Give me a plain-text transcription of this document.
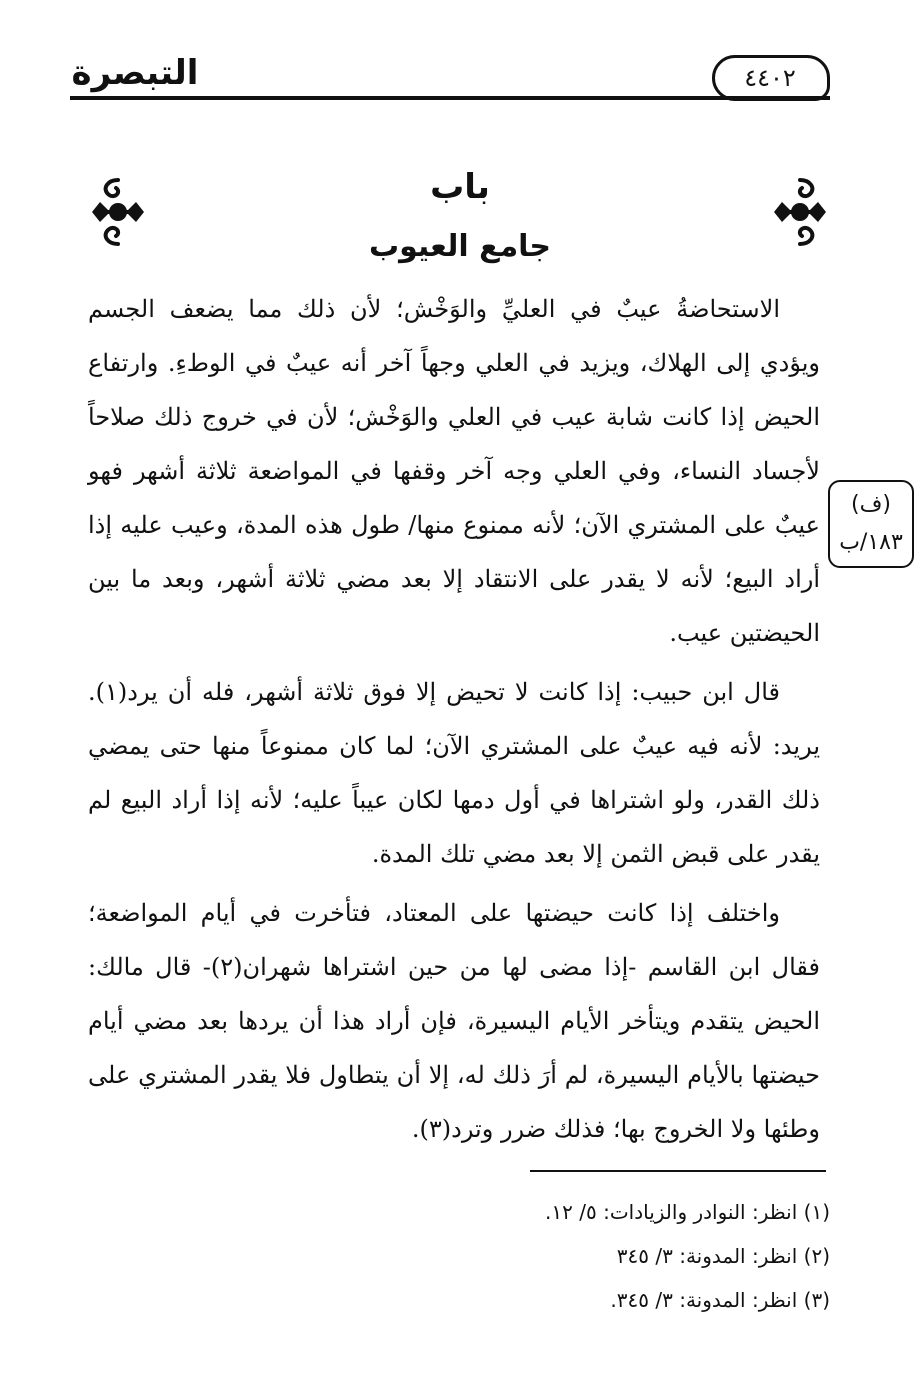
التبصرة	٤٤٠٢
باب
جامع العيوب
الاستحاضةُ عيبٌ في العليِّ والوَخْش؛ لأن ذلك مما يضعف الجسم ويؤدي إلى الهلاك، ويزيد في العلي وجهاً آخر أنه عيبٌ في الوطءِ. وارتفاع الحيض إذا كانت شابة عيب في العلي والوَخْش؛ لأن في خروج ذلك صلاحاً لأجساد النساء، وفي العلي وجه آخر وقفها في المواضعة ثلاثة أشهر فهو عيبٌ على المشتري الآن؛ لأنه ممنوع منها/ طول هذه المدة، وعيب عليه إذا أراد البيع؛ لأنه لا يقدر على الانتقاد إلا بعد مضي ثلاثة أشهر، وبعد ما بين الحيضتين عيب.
قال ابن حبيب: إذا كانت لا تحيض إلا فوق ثلاثة أشهر، فله أن يرد(١). يريد: لأنه فيه عيبٌ على المشتري الآن؛ لما كان ممنوعاً منها حتى يمضي ذلك القدر، ولو اشتراها في أول دمها لكان عيباً عليه؛ لأنه إذا أراد البيع لم يقدر على قبض الثمن إلا بعد مضي تلك المدة.
واختلف إذا كانت حيضتها على المعتاد، فتأخرت في أيام المواضعة؛ فقال ابن القاسم -إذا مضى لها من حين اشتراها شهران(٢)- قال مالك: الحيض يتقدم ويتأخر الأيام اليسيرة، فإن أراد هذا أن يردها بعد مضي أيام حيضتها بالأيام اليسيرة، لم أرَ ذلك له، إلا أن يتطاول فلا يقدر المشتري على وطئها ولا الخروج بها؛ فذلك ضرر وترد(٣).
(ف)
١٨٣/ب
(١) انظر: النوادر والزيادات: ٥/ ١٢.
(٢) انظر: المدونة: ٣/ ٣٤٥
(٣) انظر: المدونة: ٣/ ٣٤٥.
